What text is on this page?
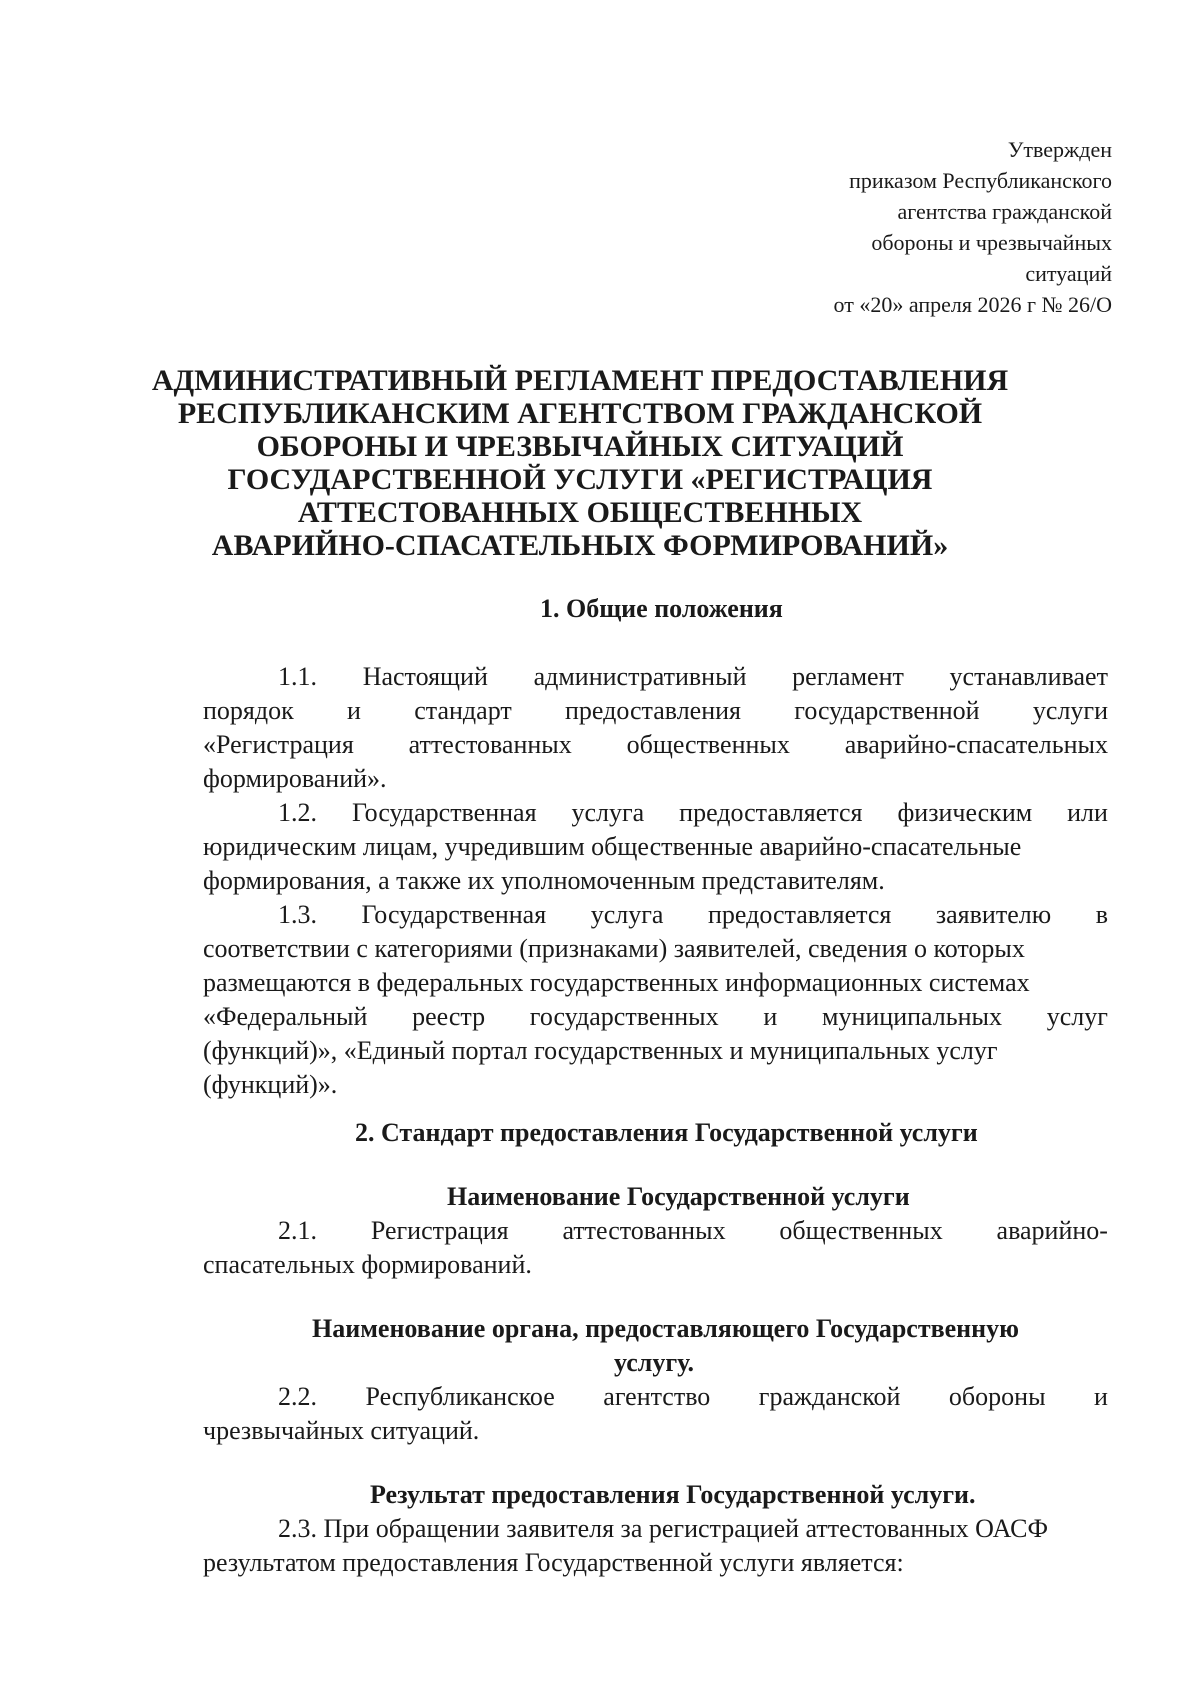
Утвержден
приказом Республиканского
агентства гражданской
обороны и чрезвычайных
ситуаций
от «20» апреля 2026 г № 26/О
АДМИНИСТРАТИВНЫЙ РЕГЛАМЕНТ ПРЕДОСТАВЛЕНИЯ
РЕСПУБЛИКАНСКИМ АГЕНТСТВОМ ГРАЖДАНСКОЙ
ОБОРОНЫ И ЧРЕЗВЫЧАЙНЫХ СИТУАЦИЙ
ГОСУДАРСТВЕННОЙ УСЛУГИ «РЕГИСТРАЦИЯ
АТТЕСТОВАННЫХ ОБЩЕСТВЕННЫХ
АВАРИЙНО-СПАСАТЕЛЬНЫХ ФОРМИРОВАНИЙ»
1. Общие положения
1.1. Настоящий административный регламент устанавливает
порядок и стандарт предоставления государственной услуги
«Регистрация аттестованных общественных аварийно-спасательных
формирований».
1.2. Государственная услуга предоставляется физическим или
юридическим лицам, учредившим общественные аварийно-спасательные
формирования, а также их уполномоченным представителям.
1.3. Государственная услуга предоставляется заявителю в
соответствии с категориями (признаками) заявителей, сведения о которых
размещаются в федеральных государственных информационных системах
«Федеральный реестр государственных и муниципальных услуг
(функций)», «Единый портал государственных и муниципальных услуг
(функций)».
2. Стандарт предоставления Государственной услуги
Наименование Государственной услуги
2.1. Регистрация аттестованных общественных аварийно-
спасательных формирований.
Наименование органа, предоставляющего Государственную
услугу.
2.2. Республиканское агентство гражданской обороны и
чрезвычайных ситуаций.
Результат предоставления Государственной услуги.
2.3. При обращении заявителя за регистрацией аттестованных ОАСФ
результатом предоставления Государственной услуги является:
